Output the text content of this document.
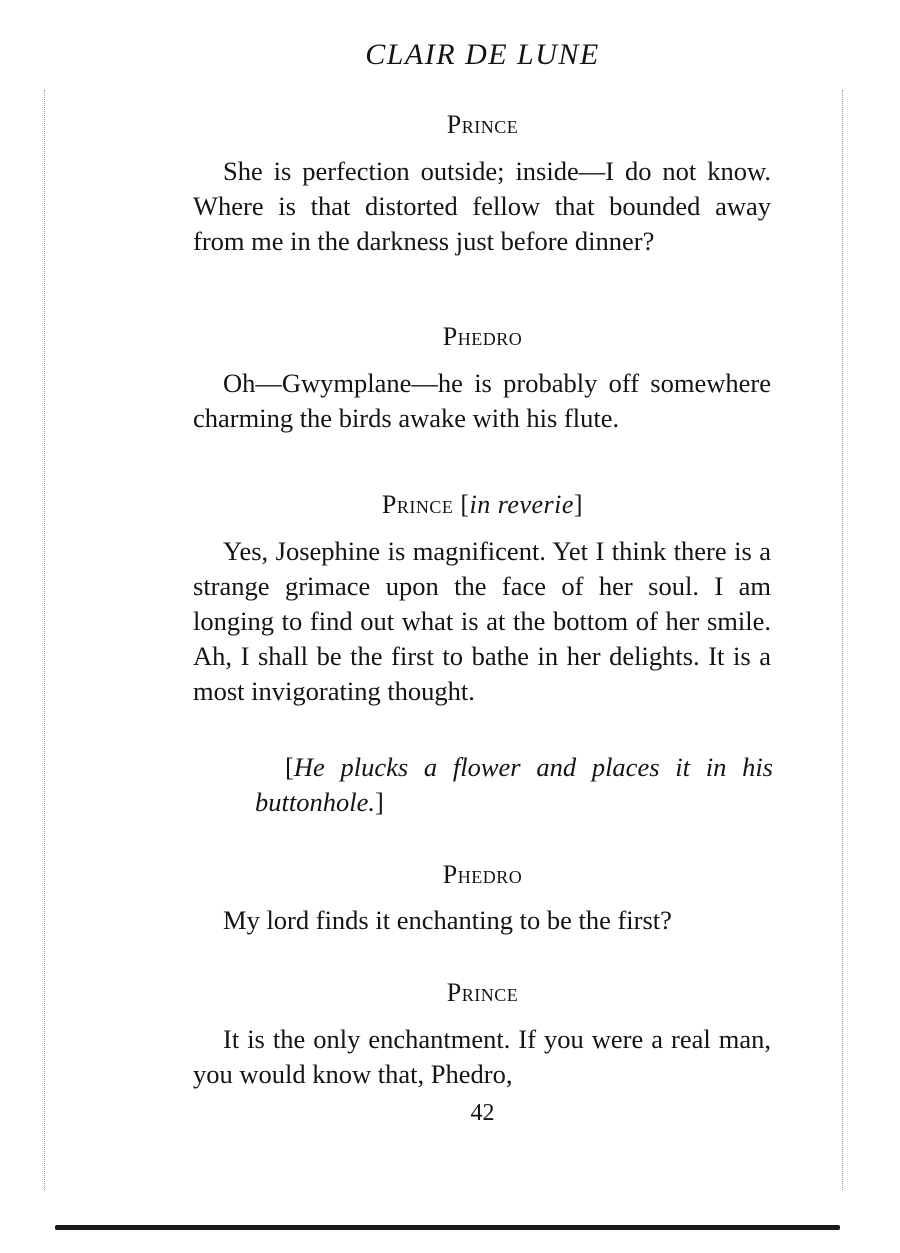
CLAIR DE LUNE
Prince
She is perfection outside; inside—I do not know. Where is that distorted fellow that bounded away from me in the darkness just before dinner?
Phedro
Oh—Gwymplane—he is probably off somewhere charming the birds awake with his flute.
Prince [in reverie]
Yes, Josephine is magnificent. Yet I think there is a strange grimace upon the face of her soul. I am longing to find out what is at the bottom of her smile. Ah, I shall be the first to bathe in her delights. It is a most invigorating thought.
[He plucks a flower and places it in his buttonhole.]
Phedro
My lord finds it enchanting to be the first?
Prince
It is the only enchantment. If you were a real man, you would know that, Phedro,
42
